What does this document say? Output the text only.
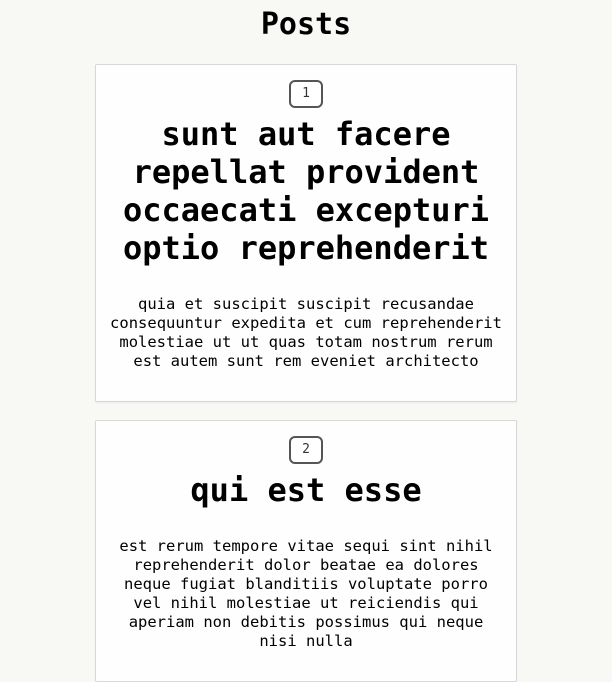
Posts
1
sunt aut facere repellat provident occaecati excepturi optio reprehenderit

quia et suscipit suscipit recusandae consequuntur expedita et cum reprehenderit molestiae ut ut quas totam nostrum rerum est autem sunt rem eveniet architecto

2
qui est esse

est rerum tempore vitae sequi sint nihil reprehenderit dolor beatae ea dolores neque fugiat blanditiis voluptate porro vel nihil molestiae ut reiciendis qui aperiam non debitis possimus qui neque nisi nulla
